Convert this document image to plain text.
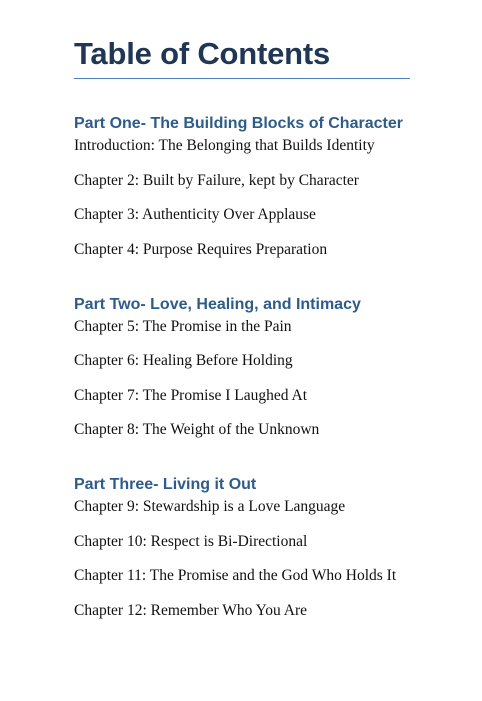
Table of Contents
Part One- The Building Blocks of Character
Introduction: The Belonging that Builds Identity
Chapter 2: Built by Failure, kept by Character
Chapter 3: Authenticity Over Applause
Chapter 4: Purpose Requires Preparation
Part Two- Love, Healing, and Intimacy
Chapter 5: The Promise in the Pain
Chapter 6: Healing Before Holding
Chapter 7: The Promise I Laughed At
Chapter 8: The Weight of the Unknown
Part Three- Living it Out
Chapter 9: Stewardship is a Love Language
Chapter 10: Respect is Bi-Directional
Chapter 11: The Promise and the God Who Holds It
Chapter 12: Remember Who You Are
